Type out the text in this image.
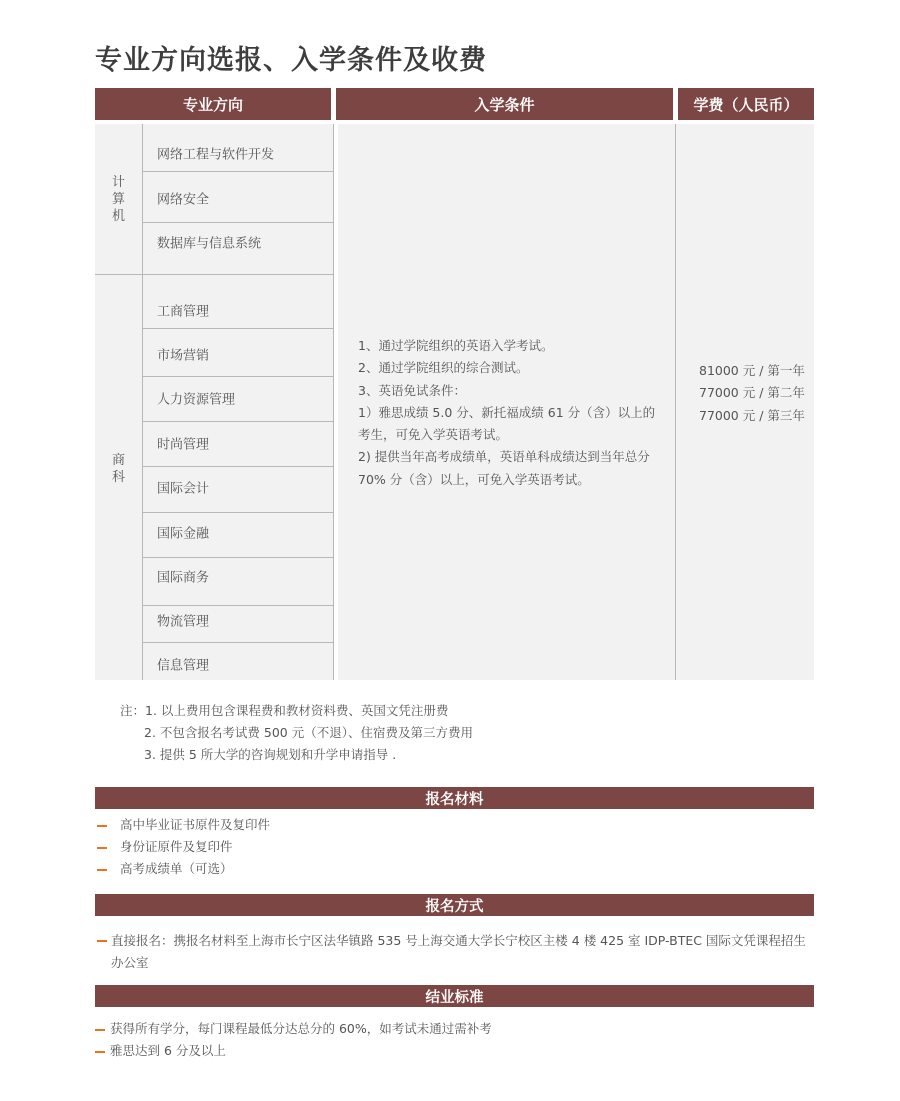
专业方向选报、入学条件及收费
专业方向	入学条件	学费（人民币）
计算机
商科
网络工程与软件开发
网络安全
数据库与信息系统
工商管理
市场营销
人力资源管理
时尚管理
国际会计
国际金融
国际商务
物流管理
信息管理
1、通过学院组织的英语入学考试。
2、通过学院组织的综合测试。
3、英语免试条件：
1）雅思成绩 5.0 分、新托福成绩 61 分（含）以上的考生，可免入学英语考试。
2) 提供当年高考成绩单，英语单科成绩达到当年总分 70% 分（含）以上，可免入学英语考试。
81000 元 / 第一年
77000 元 / 第二年
77000 元 / 第三年
注：1. 以上费用包含课程费和教材资料费、英国文凭注册费
2. 不包含报名考试费 500 元（不退）、住宿费及第三方费用
3. 提供 5 所大学的咨询规划和升学申请指导 .
报名材料
高中毕业证书原件及复印件
身份证原件及复印件
高考成绩单（可选）
报名方式
直接报名：携报名材料至上海市长宁区法华镇路 535 号上海交通大学长宁校区主楼 4 楼 425 室 IDP-BTEC 国际文凭课程招生办公室
结业标准
获得所有学分，每门课程最低分达总分的 60%，如考试未通过需补考
雅思达到 6 分及以上
